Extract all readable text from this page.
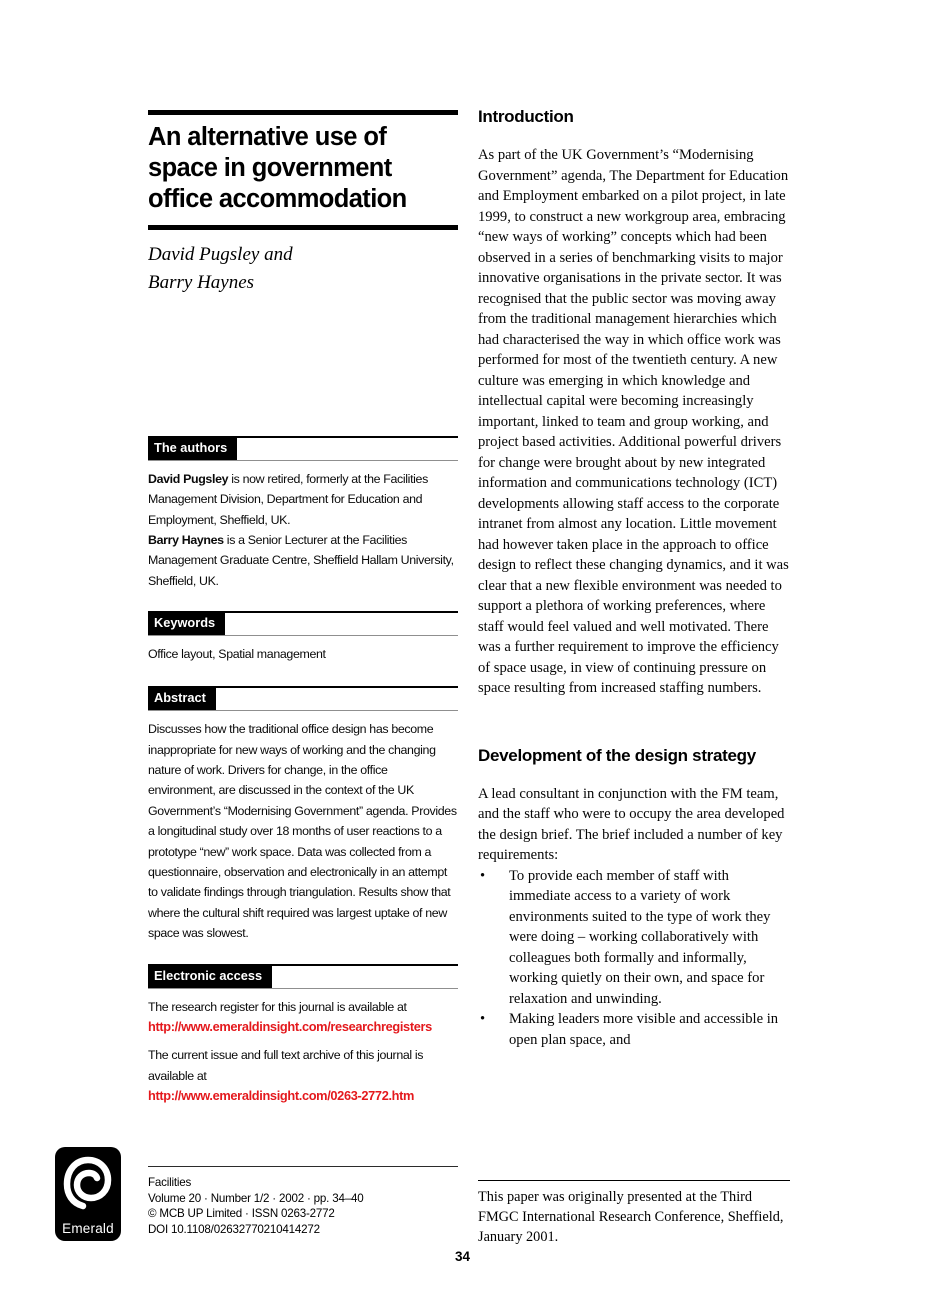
An alternative use of space in government office accommodation
David Pugsley and
Barry Haynes
The authors

David Pugsley is now retired, formerly at the Facilities Management Division, Department for Education and Employment, Sheffield, UK.
Barry Haynes is a Senior Lecturer at the Facilities Management Graduate Centre, Sheffield Hallam University, Sheffield, UK.

Keywords

Office layout, Spatial management

Abstract

Discusses how the traditional office design has become inappropriate for new ways of working and the changing nature of work. Drivers for change, in the office environment, are discussed in the context of the UK Government’s “Modernising Government” agenda. Provides a longitudinal study over 18 months of user reactions to a prototype “new” work space. Data was collected from a questionnaire, observation and electronically in an attempt to validate findings through triangulation. Results show that where the cultural shift required was largest uptake of new space was slowest.

Electronic access

The research register for this journal is available at
http://www.emeraldinsight.com/researchregisters

The current issue and full text archive of this journal is available at
http://www.emeraldinsight.com/0263-2772.htm

Facilities
Volume 20 · Number 1/2 · 2002 · pp. 34–40
© MCB UP Limited · ISSN 0263-2772
DOI 10.1108/02632770210414272
Emerald
Introduction

As part of the UK Government’s “Modernising Government” agenda, The Department for Education and Employment embarked on a pilot project, in late 1999, to construct a new workgroup area, embracing “new ways of working” concepts which had been observed in a series of benchmarking visits to major innovative organisations in the private sector. It was recognised that the public sector was moving away from the traditional management hierarchies which had characterised the way in which office work was performed for most of the twentieth century. A new culture was emerging in which knowledge and intellectual capital were becoming increasingly important, linked to team and group working, and project based activities. Additional powerful drivers for change were brought about by new integrated information and communications technology (ICT) developments allowing staff access to the corporate intranet from almost any location. Little movement had however taken place in the approach to office design to reflect these changing dynamics, and it was clear that a new flexible environment was needed to support a plethora of working preferences, where staff would feel valued and well motivated. There was a further requirement to improve the efficiency of space usage, in view of continuing pressure on space resulting from increased staffing numbers.

Development of the design strategy

A lead consultant in conjunction with the FM team, and the staff who were to occupy the area developed the design brief. The brief included a number of key requirements:

•	To provide each member of staff with immediate access to a variety of work environments suited to the type of work they were doing – working collaboratively with colleagues both formally and informally, working quietly on their own, and space for relaxation and unwinding.
•	Making leaders more visible and accessible in open plan space, and
This paper was originally presented at the Third FMGC International Research Conference, Sheffield, January 2001.
34
